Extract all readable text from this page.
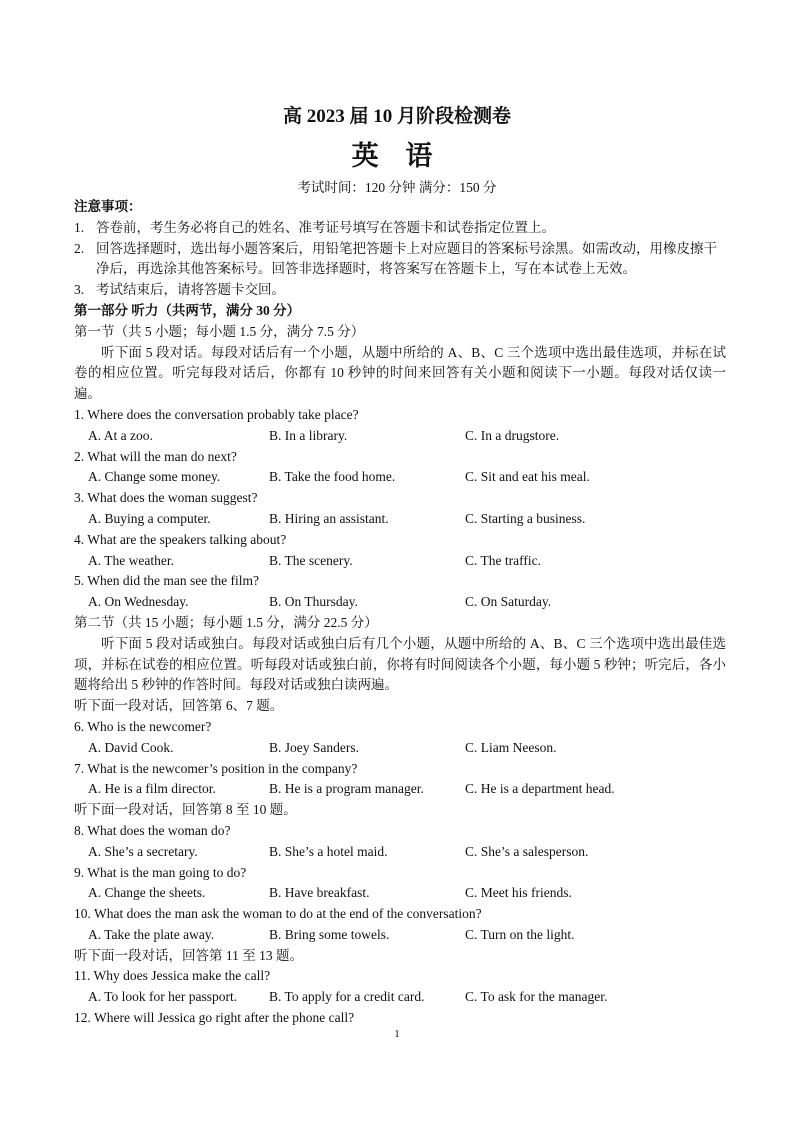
高 2023 届 10 月阶段检测卷
英 语
考试时间：120 分钟 满分：150 分
注意事项：
1. 答卷前，考生务必将自己的姓名、准考证号填写在答题卡和试卷指定位置上。
2. 回答选择题时，选出每小题答案后，用铅笔把答题卡上对应题目的答案标号涂黑。如需改动，用橡皮擦干净后，再选涂其他答案标号。回答非选择题时，将答案写在答题卡上，写在本试卷上无效。
3. 考试结束后，请将答题卡交回。
第一部分 听力（共两节，满分 30 分）
第一节（共 5 小题；每小题 1.5 分，满分 7.5 分）
听下面 5 段对话。每段对话后有一个小题，从题中所给的 A、B、C 三个选项中选出最佳选项，并标在试卷的相应位置。听完每段对话后，你都有 10 秒钟的时间来回答有关小题和阅读下一小题。每段对话仅读一遍。
1. Where does the conversation probably take place?
A. At a zoo.	B. In a library.	C. In a drugstore.
2. What will the man do next?
A. Change some money.	B. Take the food home.	C. Sit and eat his meal.
3. What does the woman suggest?
A. Buying a computer.	B. Hiring an assistant.	C. Starting a business.
4. What are the speakers talking about?
A. The weather.	B. The scenery.	C. The traffic.
5. When did the man see the film?
A. On Wednesday.	B. On Thursday.	C. On Saturday.
第二节（共 15 小题；每小题 1.5 分，满分 22.5 分）
听下面 5 段对话或独白。每段对话或独白后有几个小题，从题中所给的 A、B、C 三个选项中选出最佳选项，并标在试卷的相应位置。听每段对话或独白前，你将有时间阅读各个小题，每小题 5 秒钟；听完后，各小题将给出 5 秒钟的作答时间。每段对话或独白读两遍。
听下面一段对话，回答第 6、7 题。
6. Who is the newcomer?
A. David Cook.	B. Joey Sanders.	C. Liam Neeson.
7. What is the newcomer’s position in the company?
A. He is a film director.	B. He is a program manager.	C. He is a department head.
听下面一段对话，回答第 8 至 10 题。
8. What does the woman do?
A. She’s a secretary.	B. She’s a hotel maid.	C. She’s a salesperson.
9. What is the man going to do?
A. Change the sheets.	B. Have breakfast.	C. Meet his friends.
10. What does the man ask the woman to do at the end of the conversation?
A. Take the plate away.	B. Bring some towels.	C. Turn on the light.
听下面一段对话，回答第 11 至 13 题。
11. Why does Jessica make the call?
A. To look for her passport. B. To apply for a credit card.	C. To ask for the manager.
12. Where will Jessica go right after the phone call?
1
